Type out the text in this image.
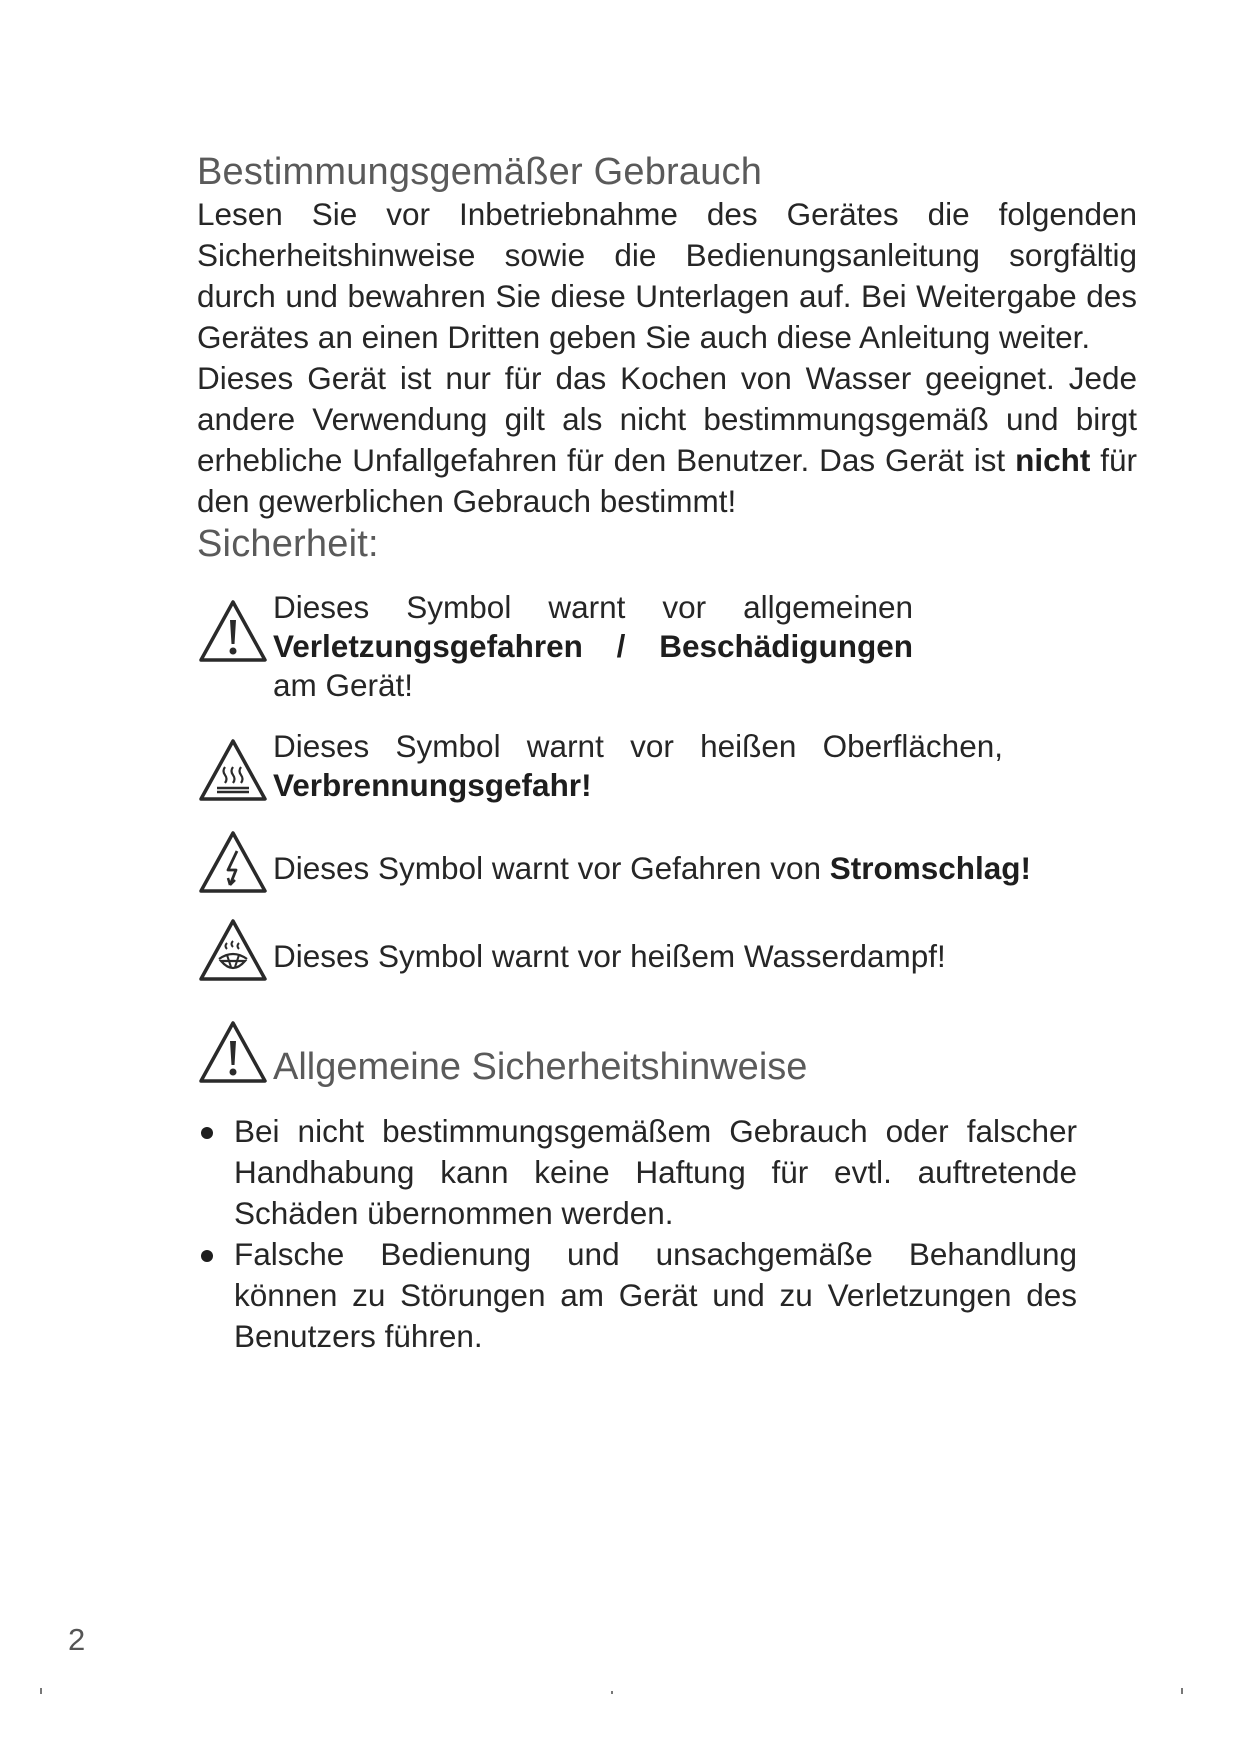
Bestimmungsgemäßer Gebrauch

Lesen Sie vor Inbetriebnahme des Gerätes die folgenden Sicherheitshinweise sowie die Bedienungsanleitung sorgfältig durch und bewahren Sie diese Unterlagen auf. Bei Weitergabe des Gerätes an einen Dritten geben Sie auch diese Anleitung weiter.

Dieses Gerät ist nur für das Kochen von Wasser geeignet. Jede andere Verwendung gilt als nicht bestimmungsgemäß und birgt erhebliche Unfallgefahren für den Benutzer. Das Gerät ist nicht für den gewerblichen Gebrauch bestimmt!

Sicherheit:
Dieses Symbol warnt vor allgemeinen Verletzungsgefahren / Beschädigungen am Gerät!
Dieses Symbol warnt vor heißen Oberflächen, Verbrennungsgefahr!
Dieses Symbol warnt vor Gefahren von Stromschlag!
Dieses Symbol warnt vor heißem Wasserdampf!
Allgemeine Sicherheitshinweise
Bei nicht bestimmungsgemäßem Gebrauch oder falscher Handhabung kann keine Haftung für evtl. auftretende Schäden übernommen werden.
Falsche Bedienung und unsachgemäße Behandlung können zu Störungen am Gerät und zu Verletzungen des Benutzers führen.
2
